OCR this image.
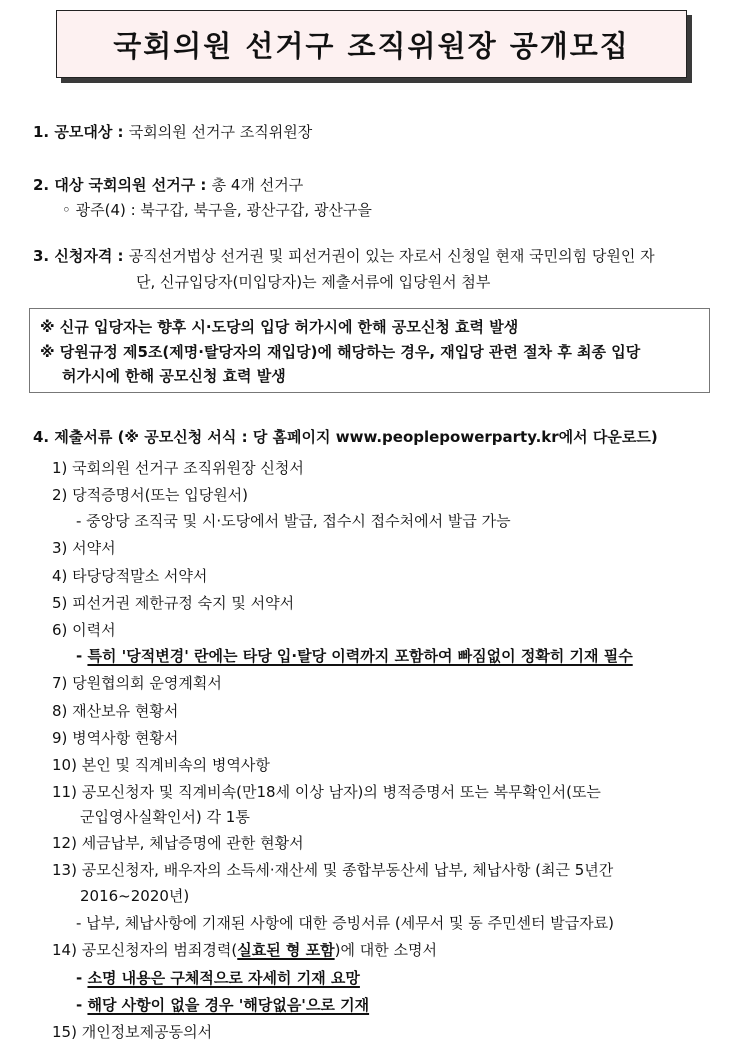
국회의원 선거구 조직위원장 공개모집
1. 공모대상 : 국회의원 선거구 조직위원장
2. 대상 국회의원 선거구 : 총 4개 선거구
◦ 광주(4) : 북구갑, 북구을, 광산구갑, 광산구을
3. 신청자격 : 공직선거법상 선거권 및 피선거권이 있는 자로서 신청일 현재 국민의힘 당원인 자
단, 신규입당자(미입당자)는 제출서류에 입당원서 첨부
※ 신규 입당자는 향후 시·도당의 입당 허가시에 한해 공모신청 효력 발생
※ 당원규정 제5조(제명·탈당자의 재입당)에 해당하는 경우, 재입당 관련 절차 후 최종 입당
허가시에 한해 공모신청 효력 발생
4. 제출서류 (※ 공모신청 서식 : 당 홈페이지 www.peoplepowerparty.kr에서 다운로드)
1) 국회의원 선거구 조직위원장 신청서
2) 당적증명서(또는 입당원서)
- 중앙당 조직국 및 시·도당에서 발급, 접수시 접수처에서 발급 가능
3) 서약서
4) 타당당적말소 서약서
5) 피선거권 제한규정 숙지 및 서약서
6) 이력서
- 특히 '당적변경' 란에는 타당 입·탈당 이력까지 포함하여 빠짐없이 정확히 기재 필수
7) 당원협의회 운영계획서
8) 재산보유 현황서
9) 병역사항 현황서
10) 본인 및 직계비속의 병역사항
11) 공모신청자 및 직계비속(만18세 이상 남자)의 병적증명서 또는 복무확인서(또는
군입영사실확인서) 각 1통
12) 세금납부, 체납증명에 관한 현황서
13) 공모신청자, 배우자의 소득세·재산세 및 종합부동산세 납부, 체납사항 (최근 5년간
2016~2020년)
- 납부, 체납사항에 기재된 사항에 대한 증빙서류 (세무서 및 동 주민센터 발급자료)
14) 공모신청자의 범죄경력(실효된 형 포함)에 대한 소명서
- 소명 내용은 구체적으로 자세히 기재 요망
- 해당 사항이 없을 경우 '해당없음'으로 기재
15) 개인정보제공동의서
